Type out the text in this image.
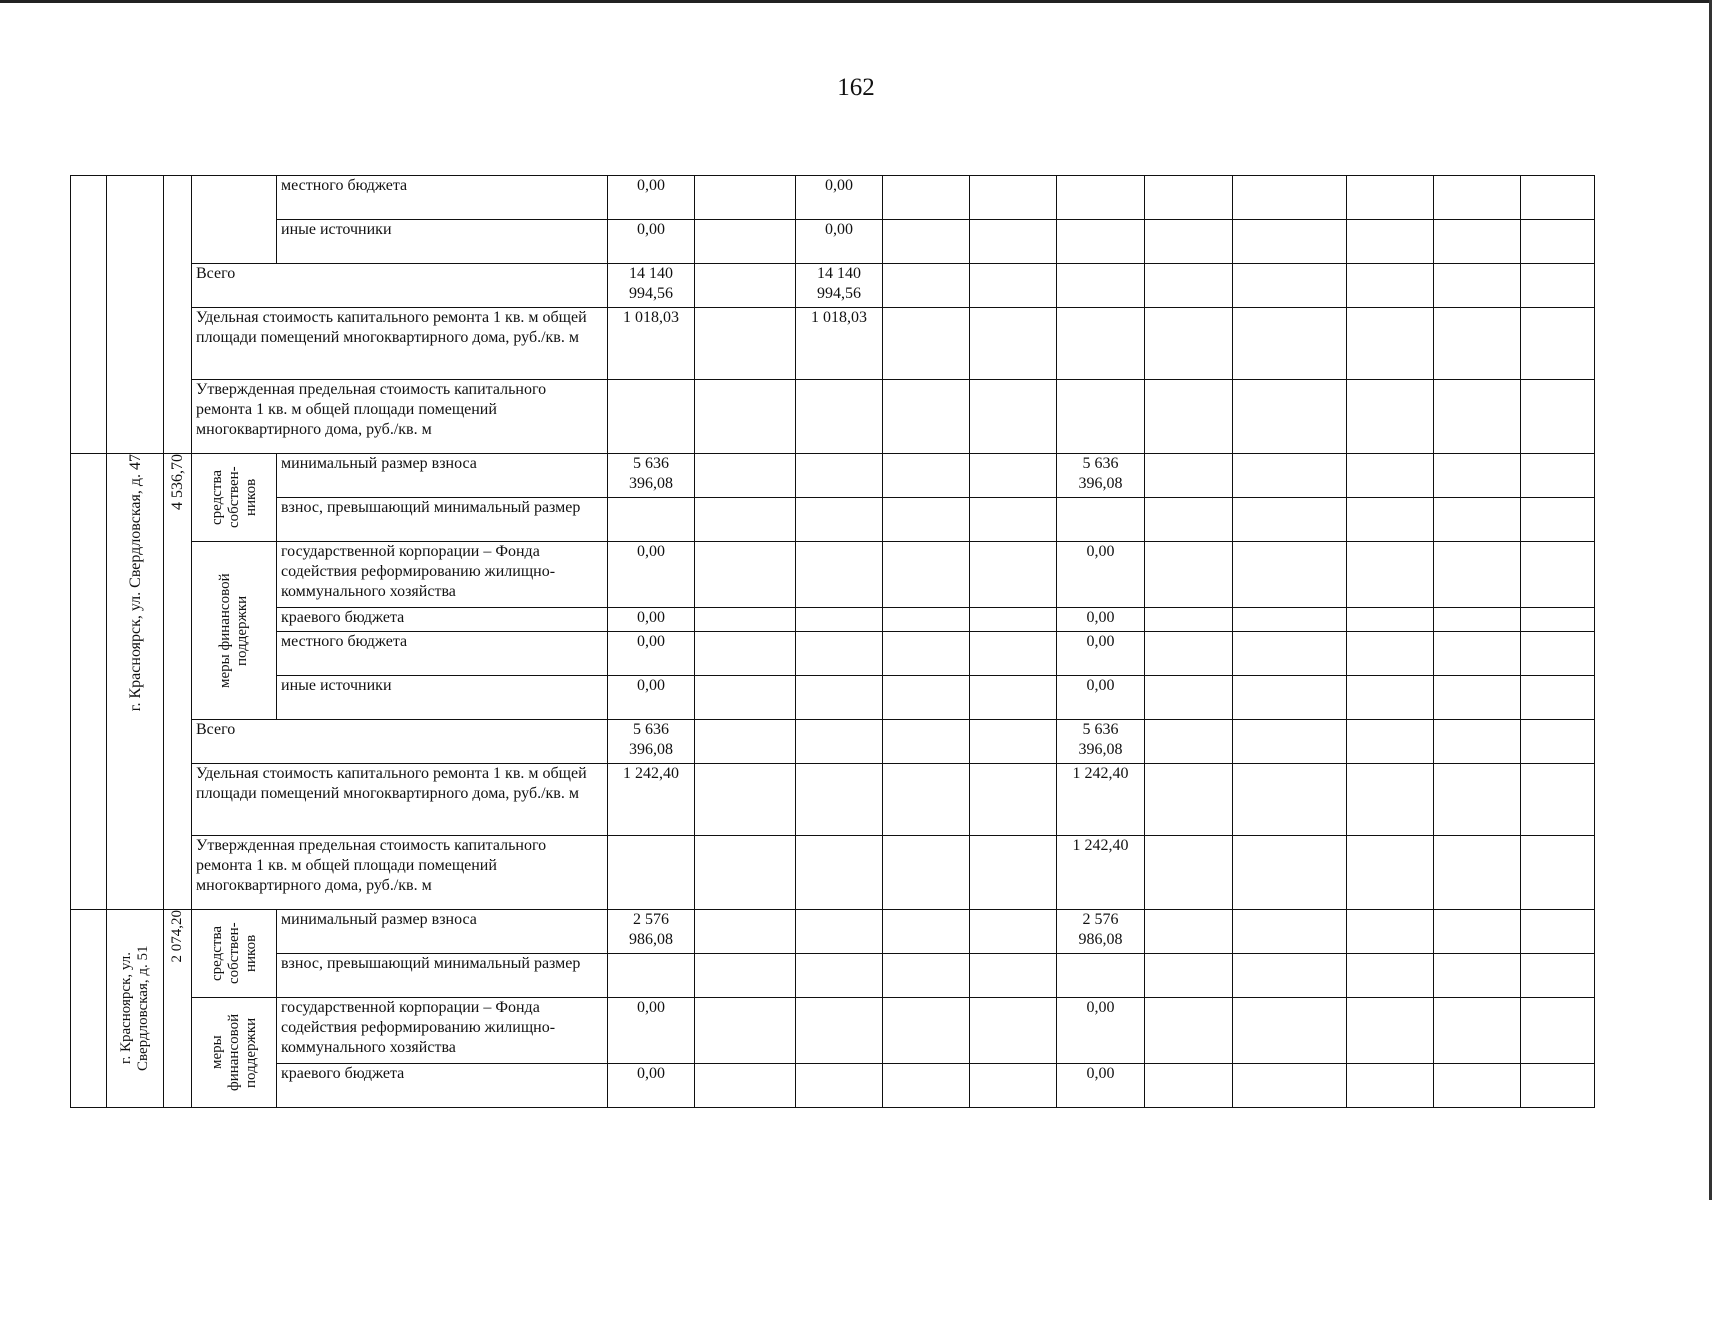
162
				местного бюджета	0,00		0,00								
				иные источники	0,00		0,00								
			Всего		14 140 994,56		14 140 994,56								
			Удельная стоимость капитального ремонта 1 кв. м общей площади помещений многоквартирного дома, руб./кв. м		1 018,03		1 018,03								
			Утвержденная предельная стоимость капитального ремонта 1 кв. м общей площади помещений многоквартирного дома, руб./кв. м												

	г. Красноярск, ул. Свердловская, д. 47	4 536,70	средства собствен-ников	минимальный размер взноса	5 636 396,08					5 636 396,08					
				взнос, превышающий минимальный размер											

			меры финансовой поддержки	государственной корпорации – Фонда содействия реформированию жилищно-коммунального хозяйства	0,00					0,00					
				краевого бюджета	0,00					0,00					
				местного бюджета	0,00					0,00					
				иные источники	0,00					0,00					
			Всего		5 636 396,08					5 636 396,08					
			Удельная стоимость капитального ремонта 1 кв. м общей площади помещений многоквартирного дома, руб./кв. м		1 242,40					1 242,40					
			Утвержденная предельная стоимость капитального ремонта 1 кв. м общей площади помещений многоквартирного дома, руб./кв. м							1 242,40					

	г. Красноярск, ул. Свердловская, д. 51	2 074,20	средства собствен-ников	минимальный размер взноса	2 576 986,08					2 576 986,08					
				взнос, превышающий минимальный размер											

			меры финансовой поддержки	государственной корпорации – Фонда содействия реформированию жилищно-коммунального хозяйства	0,00					0,00					
				краевого бюджета	0,00					0,00					
